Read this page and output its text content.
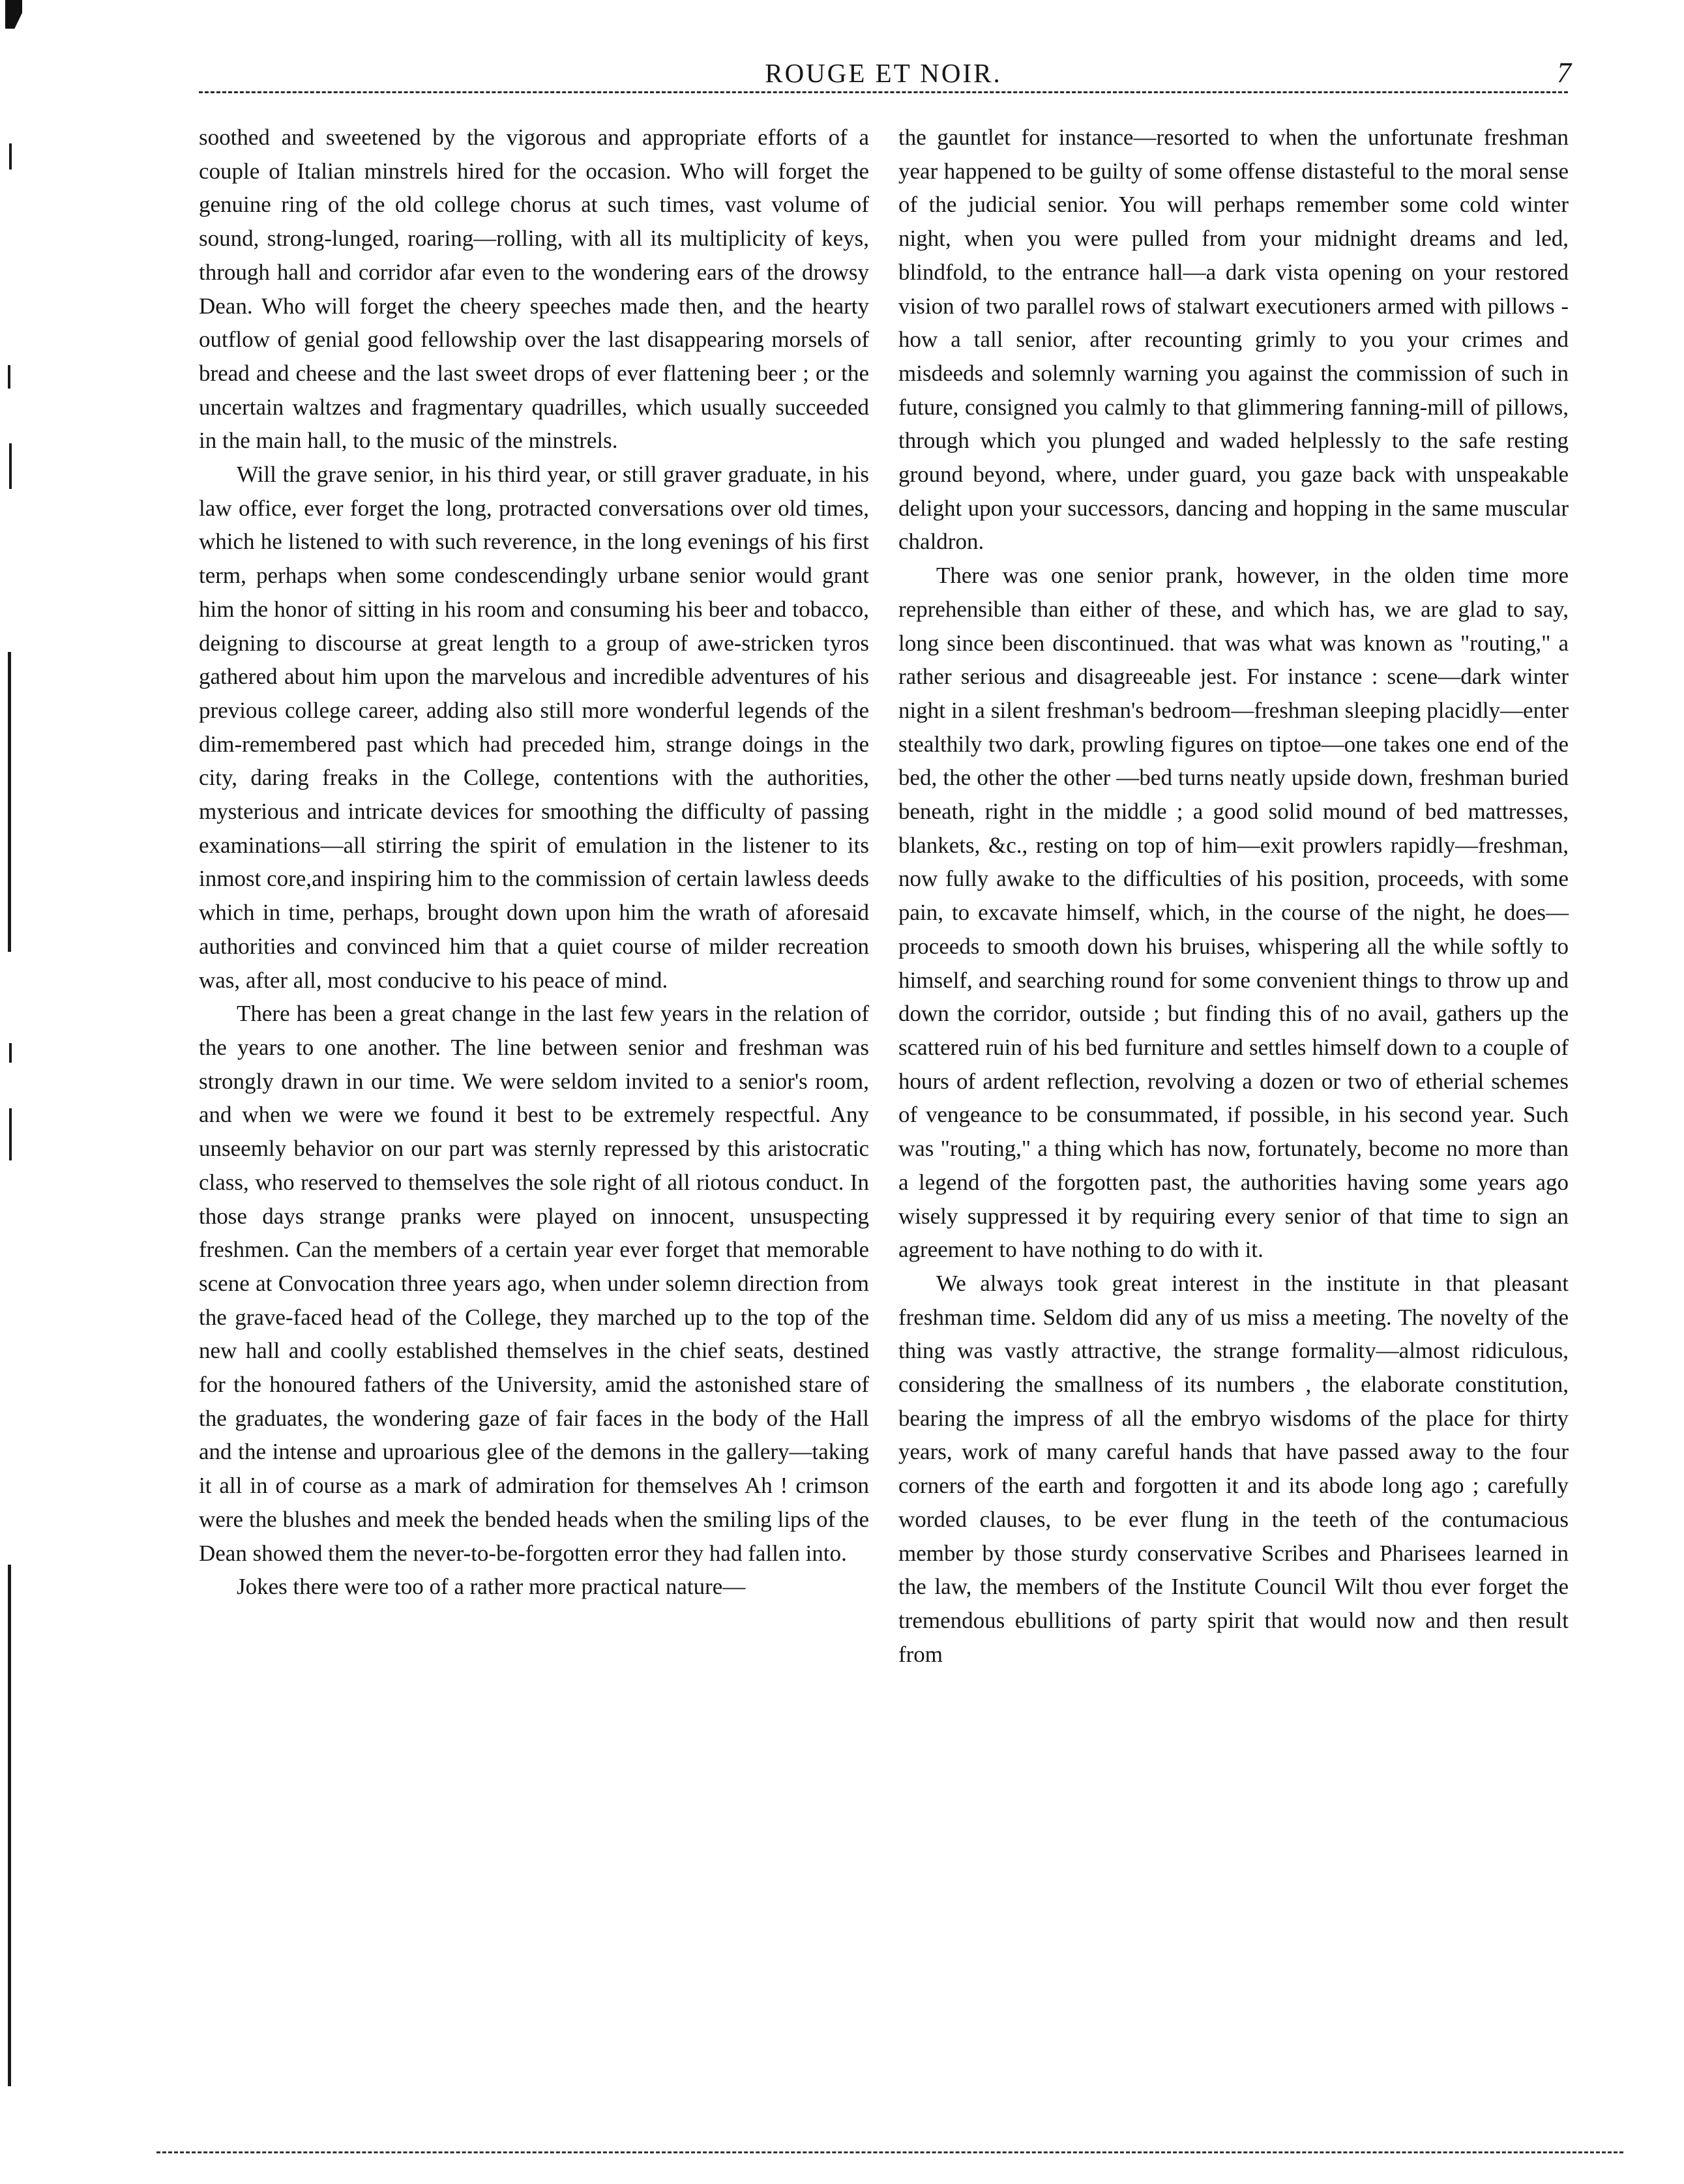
ROUGE ET NOIR.	7

soothed and sweetened by the vigorous and appropriate efforts of a couple of Italian minstrels hired for the occasion. Who will forget the genuine ring of the old college chorus at such times, vast volume of sound, strong-lunged, roaring—rolling, with all its multiplicity of keys, through hall and corridor afar even to the wondering ears of the drowsy Dean. Who will forget the cheery speeches made then, and the hearty outflow of genial good fellowship over the last disappearing morsels of bread and cheese and the last sweet drops of ever flattening beer ; or the uncertain waltzes and fragmentary quadrilles, which usually succeeded in the main hall, to the music of the minstrels.

Will the grave senior, in his third year, or still graver graduate, in his law office, ever forget the long, protracted conversations over old times, which he listened to with such reverence, in the long evenings of his first term, perhaps when some condescendingly urbane senior would grant him the honor of sitting in his room and consuming his beer and tobacco, deigning to discourse at great length to a group of awe-stricken tyros gathered about him upon the marvelous and incredible adventures of his previous college career, adding also still more wonderful legends of the dim-remembered past which had preceded him, strange doings in the city, daring freaks in the College, contentions with the authorities, mysterious and intricate devices for smoothing the difficulty of passing examinations—all stirring the spirit of emulation in the listener to its inmost core,and inspiring him to the commission of certain lawless deeds which in time, perhaps, brought down upon him the wrath of aforesaid authorities and convinced him that a quiet course of milder recreation was, after all, most conducive to his peace of mind.

There has been a great change in the last few years in the relation of the years to one another. The line between senior and freshman was strongly drawn in our time. We were seldom invited to a senior's room, and when we were we found it best to be extremely respectful. Any unseemly behavior on our part was sternly repressed by this aristocratic class, who reserved to themselves the sole right of all riotous conduct. In those days strange pranks were played on innocent, unsuspecting freshmen. Can the members of a certain year ever forget that memorable scene at Convocation three years ago, when under solemn direction from the grave-faced head of the College, they marched up to the top of the new hall and coolly established themselves in the chief seats, destined for the honoured fathers of the University, amid the astonished stare of the graduates, the wondering gaze of fair faces in the body of the Hall and the intense and uproarious glee of the demons in the gallery—taking it all in of course as a mark of admiration for themselves Ah ! crimson were the blushes and meek the bended heads when the smiling lips of the Dean showed them the never-to-be-forgotten error they had fallen into.

Jokes there were too of a rather more practical nature—

the gauntlet for instance—resorted to when the unfortunate freshman year happened to be guilty of some offense distasteful to the moral sense of the judicial senior. You will perhaps remember some cold winter night, when you were pulled from your midnight dreams and led, blindfold, to the entrance hall—a dark vista opening on your restored vision of two parallel rows of stalwart executioners armed with pillows -how a tall senior, after recounting grimly to you your crimes and misdeeds and solemnly warning you against the commission of such in future, consigned you calmly to that glimmering fanning-mill of pillows, through which you plunged and waded helplessly to the safe resting ground beyond, where, under guard, you gaze back with unspeakable delight upon your successors, dancing and hopping in the same muscular chaldron.

There was one senior prank, however, in the olden time more reprehensible than either of these, and which has, we are glad to say, long since been discontinued. that was what was known as "routing," a rather serious and disagreeable jest. For instance : scene—dark winter night in a silent freshman's bedroom—freshman sleeping placidly—enter stealthily two dark, prowling figures on tiptoe—one takes one end of the bed, the other the other —bed turns neatly upside down, freshman buried beneath, right in the middle ; a good solid mound of bed mattresses, blankets, &c., resting on top of him—exit prowlers rapidly—freshman, now fully awake to the difficulties of his position, proceeds, with some pain, to excavate himself, which, in the course of the night, he does—proceeds to smooth down his bruises, whispering all the while softly to himself, and searching round for some convenient things to throw up and down the corridor, outside ; but finding this of no avail, gathers up the scattered ruin of his bed furniture and settles himself down to a couple of hours of ardent reflection, revolving a dozen or two of etherial schemes of vengeance to be consummated, if possible, in his second year. Such was "routing," a thing which has now, fortunately, become no more than a legend of the forgotten past, the authorities having some years ago wisely suppressed it by requiring every senior of that time to sign an agreement to have nothing to do with it.

We always took great interest in the institute in that pleasant freshman time. Seldom did any of us miss a meeting. The novelty of the thing was vastly attractive, the strange formality—almost ridiculous, considering the smallness of its numbers , the elaborate constitution, bearing the impress of all the embryo wisdoms of the place for thirty years, work of many careful hands that have passed away to the four corners of the earth and forgotten it and its abode long ago ; carefully worded clauses, to be ever flung in the teeth of the contumacious member by those sturdy conservative Scribes and Pharisees learned in the law, the members of the Institute Council Wilt thou ever forget the tremendous ebullitions of party spirit that would now and then result from
